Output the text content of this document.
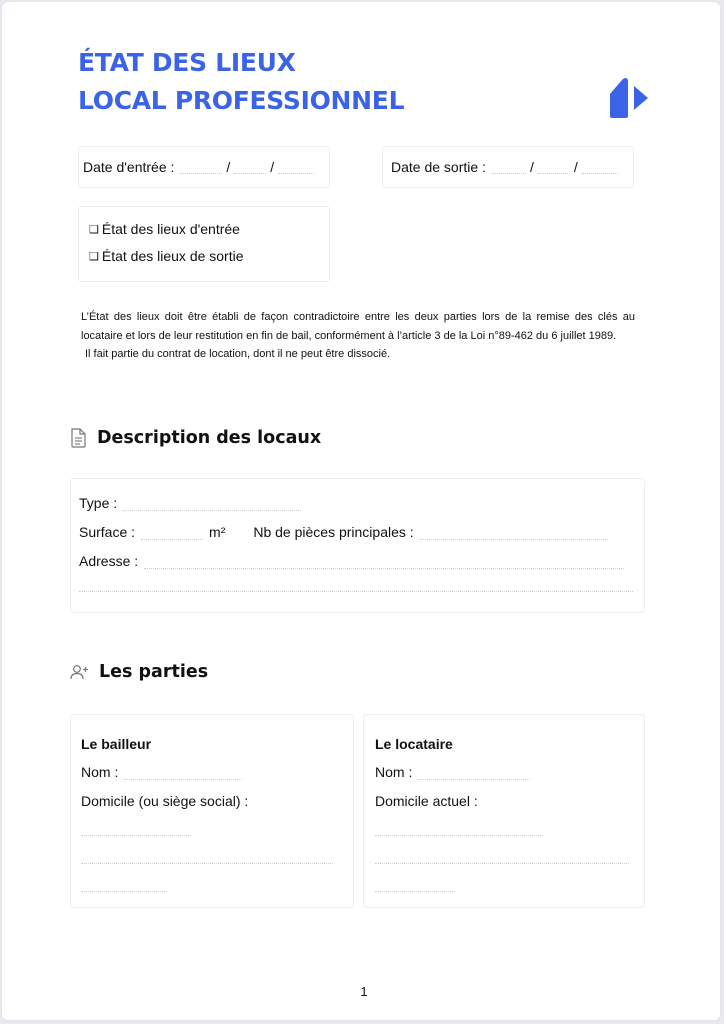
ÉTAT DES LIEUX
LOCAL PROFESSIONNEL
Date d'entrée :	/	/	Date de sortie :	/	/
❑ État des lieux d'entrée
❑ État des lieux de sortie

L’État des lieux doit être établi de façon contradictoire entre les deux parties lors de la remise des clés au locataire et lors de leur restitution en fin de bail, conformément à l’article 3 de la Loi n°89-462 du 6 juillet 1989.

Il fait partie du contrat de location, dont il ne peut être dissocié.

Description des locaux
Type :
Surface :	m² Nb de pièces principales :
Adresse :
Les parties
Le bailleur
Nom :
Domicile (ou siège social) :
Le locataire
Nom :
Domicile actuel :
1
